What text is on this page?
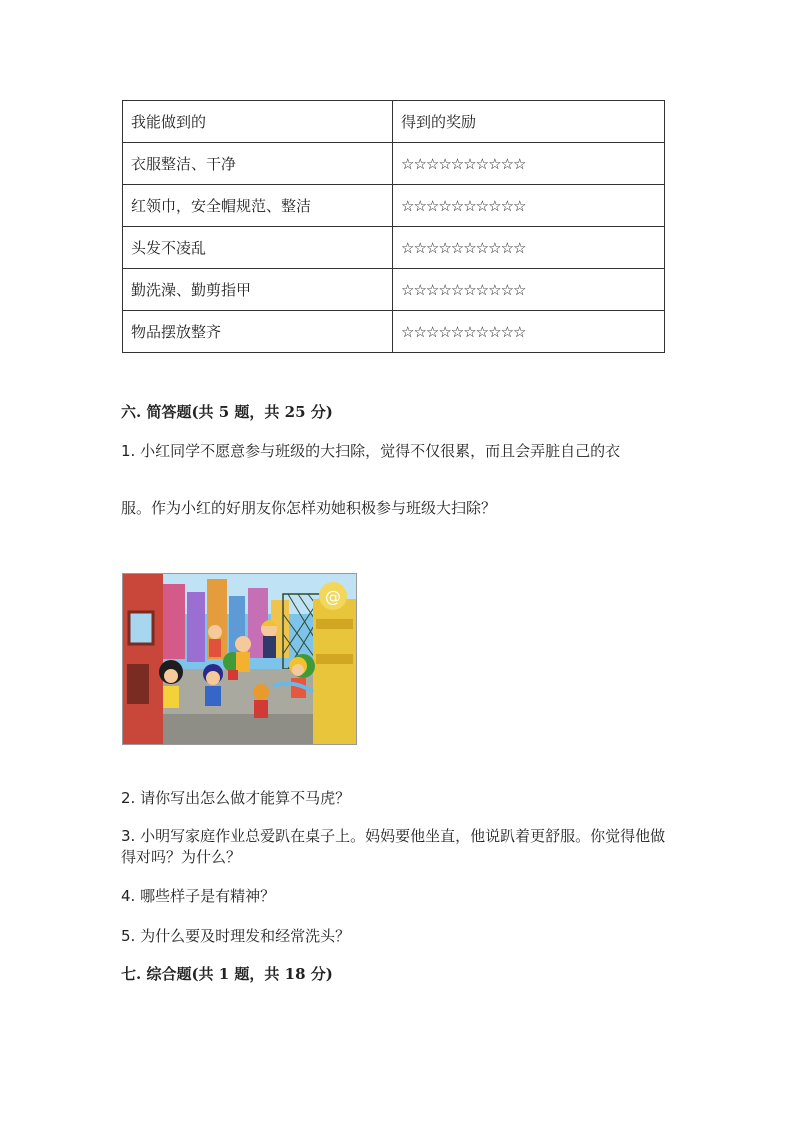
我能做到的	得到的奖励
衣服整洁、干净	☆☆☆☆☆☆☆☆☆☆
红领巾，安全帽规范、整洁	☆☆☆☆☆☆☆☆☆☆
头发不凌乱	☆☆☆☆☆☆☆☆☆☆
勤洗澡、勤剪指甲	☆☆☆☆☆☆☆☆☆☆
物品摆放整齐	☆☆☆☆☆☆☆☆☆☆
六. 简答题(共 5 题，共 25 分)
1. 小红同学不愿意参与班级的大扫除，觉得不仅很累，而且会弄脏自己的衣
服。作为小红的好朋友你怎样劝她积极参与班级大扫除？
@
2. 请你写出怎么做才能算不马虎？
3. 小明写家庭作业总爱趴在桌子上。妈妈要他坐直，他说趴着更舒服。你觉得他做得对吗？为什么？
4. 哪些样子是有精神？
5. 为什么要及时理发和经常洗头？
七. 综合题(共 1 题，共 18 分)
